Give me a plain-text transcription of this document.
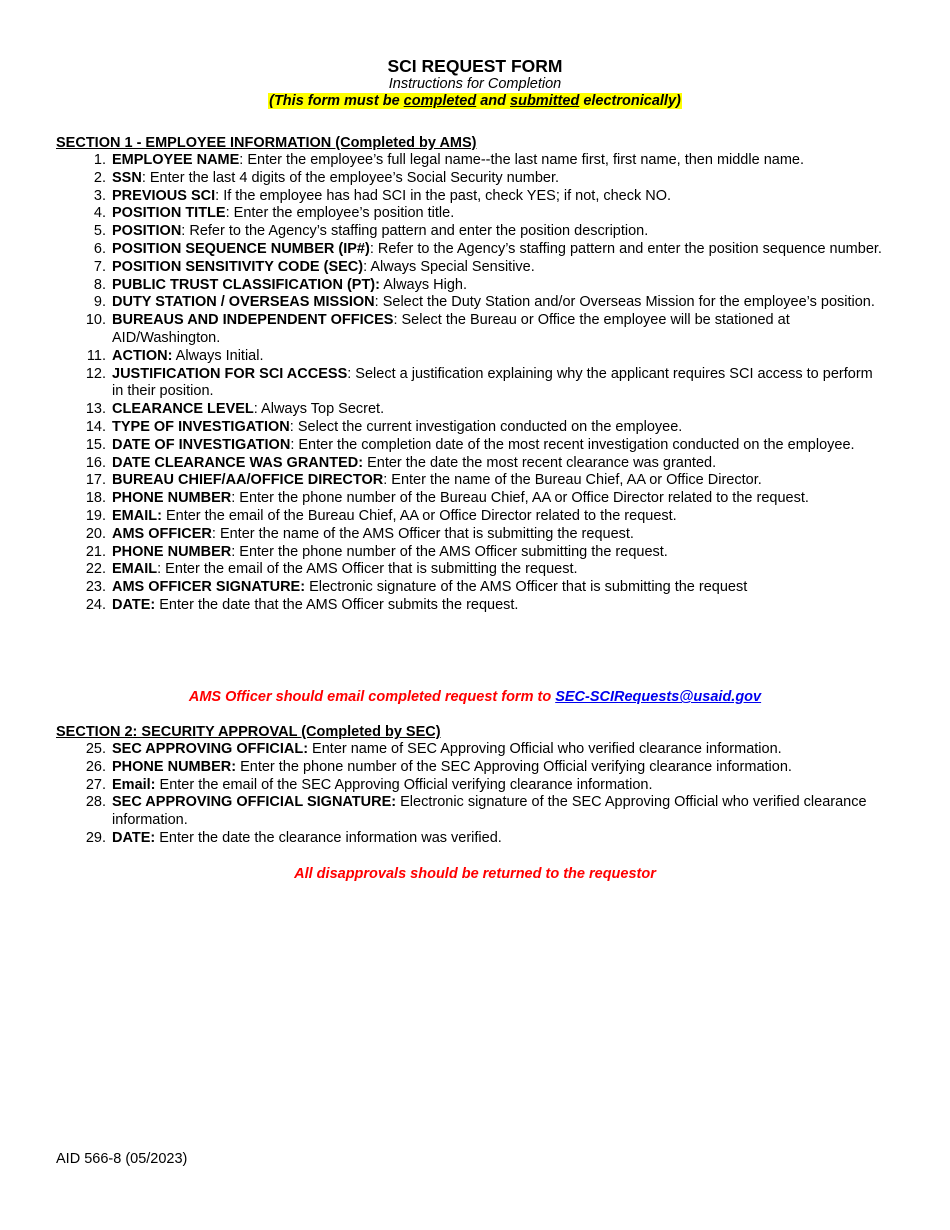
SCI REQUEST FORM
Instructions for Completion
(This form must be completed and submitted electronically)
SECTION 1 - EMPLOYEE INFORMATION (Completed by AMS)
1. EMPLOYEE NAME: Enter the employee’s full legal name--the last name first, first name, then middle name.
2. SSN: Enter the last 4 digits of the employee’s Social Security number.
3. PREVIOUS SCI: If the employee has had SCI in the past, check YES; if not, check NO.
4. POSITION TITLE: Enter the employee’s position title.
5. POSITION: Refer to the Agency’s staffing pattern and enter the position description.
6. POSITION SEQUENCE NUMBER (IP#): Refer to the Agency’s staffing pattern and enter the position sequence number.
7. POSITION SENSITIVITY CODE (SEC): Always Special Sensitive.
8. PUBLIC TRUST CLASSIFICATION (PT): Always High.
9. DUTY STATION / OVERSEAS MISSION: Select the Duty Station and/or Overseas Mission for the employee’s position.
10. BUREAUS AND INDEPENDENT OFFICES: Select the Bureau or Office the employee will be stationed at AID/Washington.
11. ACTION: Always Initial.
12. JUSTIFICATION FOR SCI ACCESS: Select a justification explaining why the applicant requires SCI access to perform in their position.
13. CLEARANCE LEVEL: Always Top Secret.
14. TYPE OF INVESTIGATION: Select the current investigation conducted on the employee.
15. DATE OF INVESTIGATION: Enter the completion date of the most recent investigation conducted on the employee.
16. DATE CLEARANCE WAS GRANTED: Enter the date the most recent clearance was granted.
17. BUREAU CHIEF/AA/OFFICE DIRECTOR: Enter the name of the Bureau Chief, AA or Office Director.
18. PHONE NUMBER: Enter the phone number of the Bureau Chief, AA or Office Director related to the request.
19. EMAIL: Enter the email of the Bureau Chief, AA or Office Director related to the request.
20. AMS OFFICER: Enter the name of the AMS Officer that is submitting the request.
21. PHONE NUMBER: Enter the phone number of the AMS Officer submitting the request.
22. EMAIL: Enter the email of the AMS Officer that is submitting the request.
23. AMS OFFICER SIGNATURE: Electronic signature of the AMS Officer that is submitting the request
24. DATE: Enter the date that the AMS Officer submits the request.
AMS Officer should email completed request form to SEC-SCIRequests@usaid.gov
SECTION 2: SECURITY APPROVAL (Completed by SEC)
25. SEC APPROVING OFFICIAL: Enter name of SEC Approving Official who verified clearance information.
26. PHONE NUMBER: Enter the phone number of the SEC Approving Official verifying clearance information.
27. Email: Enter the email of the SEC Approving Official verifying clearance information.
28. SEC APPROVING OFFICIAL SIGNATURE: Electronic signature of the SEC Approving Official who verified clearance information.
29. DATE: Enter the date the clearance information was verified.
All disapprovals should be returned to the requestor
AID 566-8 (05/2023)
